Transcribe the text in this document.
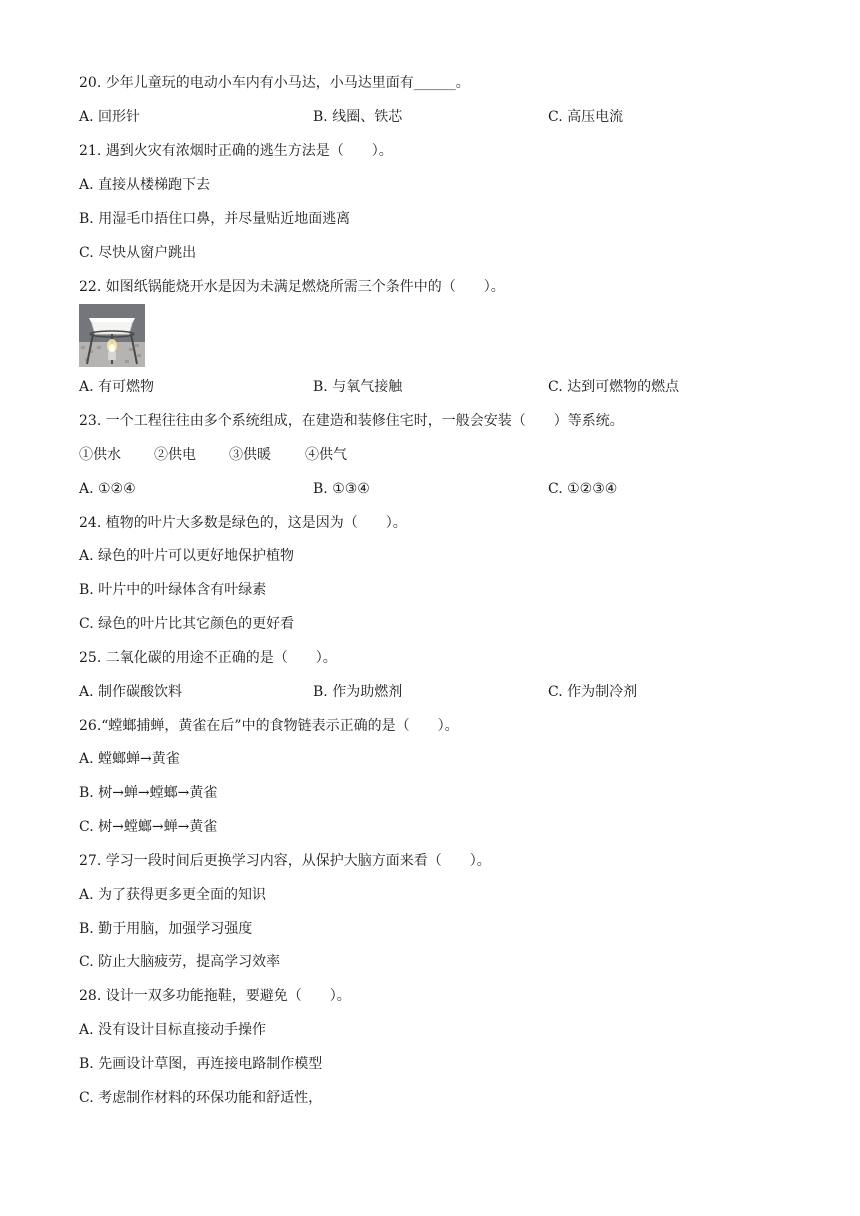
20. 少年儿童玩的电动小车内有小马达，小马达里面有______。
A. 回形针	B. 线圈、铁芯	C. 高压电流
21. 遇到火灾有浓烟时正确的逃生方法是（　　）。
A. 直接从楼梯跑下去
B. 用湿毛巾捂住口鼻，并尽量贴近地面逃离
C. 尽快从窗户跳出
22. 如图纸锅能烧开水是因为未满足燃烧所需三个条件中的（　　）。
A. 有可燃物	B. 与氧气接触	C. 达到可燃物的燃点
23. 一个工程往往由多个系统组成，在建造和装修住宅时，一般会安装（　　）等系统。
①供水 ②供电 ③供暖 ④供气
A. ①②④	B. ①③④	C. ①②③④
24. 植物的叶片大多数是绿色的，这是因为（　　）。
A. 绿色的叶片可以更好地保护植物
B. 叶片中的叶绿体含有叶绿素
C. 绿色的叶片比其它颜色的更好看
25. 二氧化碳的用途不正确的是（　　）。
A. 制作碳酸饮料	B. 作为助燃剂	C. 作为制冷剂
26.“螳螂捕蝉，黄雀在后”中的食物链表示正确的是（　　）。
A. 螳螂蝉→黄雀
B. 树→蝉→螳螂→黄雀
C. 树→螳螂→蝉→黄雀
27. 学习一段时间后更换学习内容，从保护大脑方面来看（　　）。
A. 为了获得更多更全面的知识
B. 勤于用脑，加强学习强度
C. 防止大脑疲劳，提高学习效率
28. 设计一双多功能拖鞋，要避免（　　）。
A. 没有设计目标直接动手操作
B. 先画设计草图，再连接电路制作模型
C. 考虑制作材料的环保功能和舒适性，
